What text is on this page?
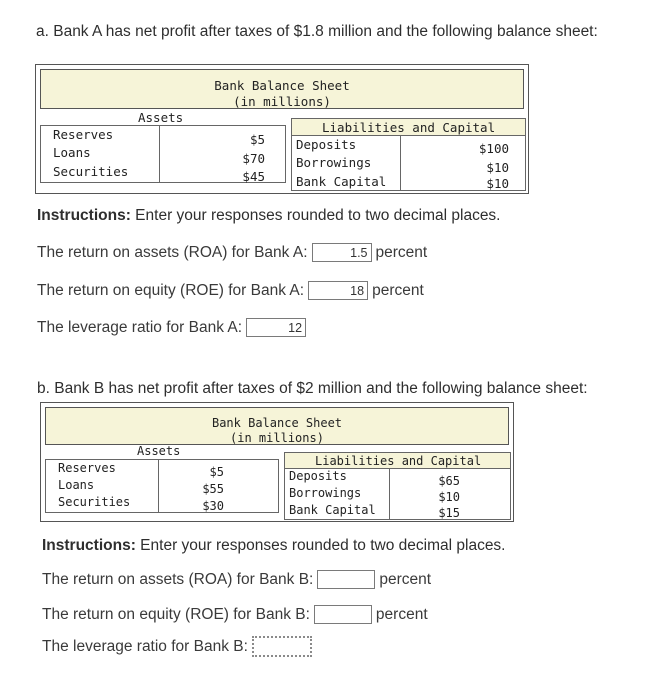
a. Bank A has net profit after taxes of $1.8 million and the following balance sheet:
Bank Balance Sheet
(in millions)
Assets
Liabilities and Capital
Reserves	$5
Loans	$70
Securities	$45
Deposits	$100
Borrowings	$10
Bank Capital	$10
Instructions: Enter your responses rounded to two decimal places.
The return on assets (ROA) for Bank A:	1.5 percent
The return on equity (ROE) for Bank A:	18 percent
The leverage ratio for Bank A:	12
b. Bank B has net profit after taxes of $2 million and the following balance sheet:
Bank Balance Sheet
(in millions)
Assets
Liabilities and Capital
Reserves	$5
Loans	$55
Securities	$30
Deposits	$65
Borrowings	$10
Bank Capital	$15
Instructions: Enter your responses rounded to two decimal places.
The return on assets (ROA) for Bank B:	percent
The return on equity (ROE) for Bank B:	percent
The leverage ratio for Bank B:
